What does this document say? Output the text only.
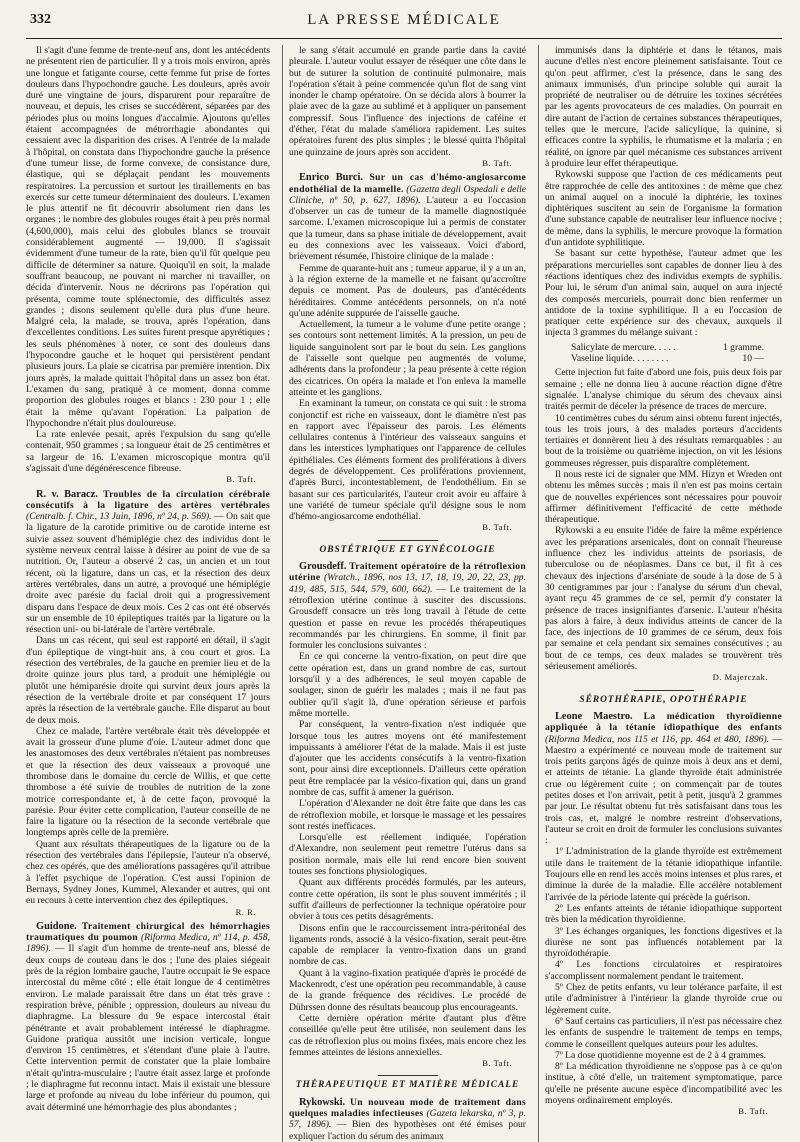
332	LA PRESSE MÉDICALE

Il s'agit d'une femme de trente-neuf ans, dont les antécédents ne présentent rien de particulier. Il y a trois mois environ, après une longue et fatigante course, cette femme fut prise de fortes douleurs dans l'hypochondre gauche. Les douleurs, après avoir duré une vingtaine de jours, disparurent pour reparaître de nouveau, et depuis, les crises se succédèrent, séparées par des périodes plus ou moins longues d'accalmie. Ajoutons qu'elles étaient accompagnées de métrorrhagie abondantes qui cessaient avec la disparition des crises. A l'entrée de la malade à l'hôpital, on constata dans l'hypochondre gauche la présence d'une tumeur lisse, de forme convexe, de consistance dure, élastique, qui se déplaçait pendant les mouvements respiratoires. La percussion et surtout les tiraillements en bas exercés sur cette tumeur déterminaient des douleurs. L'examen le plus attentif ne fit découvrir absolument rien dans les organes ; le nombre des globules rouges était à peu près normal (4,600,000), mais celui des globules blancs se trouvait considérablement augmenté — 19,000. Il s'agissait évidemment d'une tumeur de la rate, bien qu'il fût quelque peu difficile de déterminer sa nature. Quoiqu'il en soit, la malade souffrant beaucoup, ne pouvant ni marcher ni travailler, on décida d'intervenir. Nous ne décrirons pas l'opération qui présenta, comme toute splénectomie, des difficultés assez grandes ; disons seulement qu'elle dura plus d'une heure. Malgré cela, la malade, se trouva, après l'opération, dans d'excellentes conditions. Les suites furent presque apyrétiques ; les seuls phénomènes à noter, ce sont des douleurs dans l'hypocondre gauche et le hoquet qui persistèrent pendant plusieurs jours. La plaie se cicatrisa par première intention. Dix jours après, la malade quittait l'hôpital dans un assez bon état. L'examen du sang, pratiqué à ce moment, donna comme proportion des globules rouges et blancs : 230 pour 1 ; elle était la même qu'avant l'opération. La palpation de l'hypochondre n'était plus douloureuse.

La rate enlevée pesait, après l'expulsion du sang qu'elle contenait, 950 grammes ; sa longueur était de 25 centimètres et sa largeur de 16. L'examen microscopique montra qu'il s'agissait d'une dégénérescence fibreuse.

B. Taft.

R. v. Baracz. Troubles de la circulation cérébrale consécutifs à la ligature des artères vertébrales (Centralb. f. Chir., 13 Juin, 1896, nº 24, p. 569). — On sait que la ligature de la carotide primitive ou de carotide interne est suivie assez souvent d'hémiplégie chez des individus dont le système nerveux central laisse à désirer au point de vue de sa nutrition. Or, l'auteur a observé 2 cas, un ancien et un tout récent, où la ligature, dans un cas, et la résection des deux artères vertébrales, dans un autre, a provoqué une hémiplégie droite avec parésie du facial droit qui a progressivement disparu dans l'espace de deux mois. Ces 2 cas ont été observés sur un ensemble de 10 épileptiques traités par la ligature ou la résection uni- ou bi-latérale de l'artère vertébrale.

Dans un cas récent, qui seul est rapporté en détail, il s'agit d'un épileptique de vingt-huit ans, à cou court et gros. La résection des vertébrales, de la gauche en premier lieu et de la droite quinze jours plus tard, a produit une hémiplégie ou plutôt une hémiparésie droite qui survint deux jours après la résection de la vertébrale droite et par conséquent 17 jours après la résection de la vertébrale gauche. Elle disparut au bout de deux mois.

Chez ce malade, l'artère vertébrale était très développée et avait la grosseur d'une plume d'oie. L'auteur admet donc que les anastomoses des deux vertébrales n'étaient pas nombreuses et que la résection des deux vaisseaux a provoqué une thrombose dans le domaine du cercle de Willis, et que cette thrombose a été suivie de troubles de nutrition de la zone motrice correspondante et, à de cette façon, provoqué la parésie. Pour éviter cette complication, l'auteur conseille de ne faire la ligature ou la résection de la seconde vertébrale que longtemps après celle de la première.

Quant aux résultats thérapeutiques de la ligature ou de la résection des vertébrales dans l'épilepsie, l'auteur n'a observé, chez ces opérés, que des améliorations passagères qu'il attribue à l'effet psychique de l'opération. C'est aussi l'opinion de Bernays, Sydney Jones, Kummel, Alexander et autres, qui ont eu recours à cette intervention chez des épileptiques.

R. R.

Guidone. Traitement chirurgical des hémorrhagies traumatiques du poumon (Riforma Medica, nº 114, p. 458, 1896). — Il s'agit d'un homme de trente-neuf ans, blessé de deux coups de couteau dans le dos ; l'une des plaies siégeait près de la région lombaire gauche, l'autre occupait le 9e espace intercostal du même côté ; elle était longue de 4 centimètres environ. Le malade paraissait être dans un état très grave : respiration brève, pénible ; oppression, douleurs au niveau du diaphragme. La blessure du 9e espace intercostal était pénétrante et avait probablement intéressé le diaphragme. Guidone pratiqua aussitôt une incision verticale, longue d'environ 15 centimètres, et s'étendant d'une plaie à l'autre. Cette intervention permit de constater que la plaie lombaire n'était qu'intra-musculaire ; l'autre était assez large et profonde ; le diaphragme fut reconnu intact. Mais il existait une blessure large et profonde au niveau du lobe inférieur du poumon, qui avait déterminé une hémorrhagie des plus abondantes ;

le sang s'était accumulé en grande partie dans la cavité pleurale. L'auteur voulut essayer de réséquer une côte dans le but de suturer la solution de continuité pulmonaire, mais l'opération s'était à peine commencée qu'un flot de sang vint inonder le champ opératoire. On se décida alors à bourrer la plaie avec de la gaze au sublimé et à appliquer un pansement compressif. Sous l'influence des injections de caféine et d'éther, l'état du malade s'améliora rapidement. Les suites opératoires furent des plus simples ; le blessé quitta l'hôpital une quinzaine de jours après son accident.

B. Taft.

Enrico Burci. Sur un cas d'hémo-angiosarcome endothélial de la mamelle. (Gazetta degli Ospedali e delle Cliniche, nº 50, p. 627, 1896). L'auteur a eu l'occasion d'observer un cas de tumeur de la mamelle diagnostiquée sarcome. L'examen microscopique lui a permis de constater que la tumeur, dans sa phase initiale de développement, avait eu des connexions avec les vaisseaux. Voici d'abord, brièvement résumée, l'histoire clinique de la malade :

Femme de quarante-huit ans ; tumeur apparue, il y a un an, à la région externe de la mamelle et ne faisant qu'accroître depuis ce moment. Pas de douleurs, pas d'antécédents héréditaires. Comme antécédents personnels, on n'a noté qu'une adénite suppurée de l'aisselle gauche.

Actuellement, la tumeur a le volume d'une petite orange ; ses contours sont nettement limités. A la pression, un peu de liquide sanguinolent sort par le bout du sein. Les ganglions de l'aisselle sont quelque peu augmentés de volume, adhérents dans la profondeur ; la peau présente à cette région des cicatrices. On opéra la malade et l'on enleva la mamelle atteinte et les ganglions.

En examinant la tumeur, on constata ce qui suit : le stroma conjonctif est riche en vaisseaux, dont le diamètre n'est pas en rapport avec l'épaisseur des parois. Les éléments cellulaires contenus à l'intérieur des vaisseaux sanguins et dans les interstices lymphatiques ont l'apparence de cellules épithéliales. Ces éléments forment des proliférations à divers degrés de développement. Ces proliférations proviennent, d'après Burci, incontestablement, de l'endothélium. En se basant sur ces particularités, l'auteur croit avoir eu affaire à une variété de tumeur spéciale qu'il désigne sous le nom d'hémo-angiosarcome endothélial.

B. Taft.
OBSTÉTRIQUE ET GYNÉCOLOGIE

Grousdeff. Traitement opératoire de la rétroflexion utérine (Wratch., 1896, nos 13, 17, 18, 19, 20, 22, 23, pp. 419, 485, 515, 544, 579, 600, 662). — Le traitement de la rétroflexion utérine continue à susciter des discussions. Grousdeff consacre un très long travail à l'étude de cette question et passe en revue les procédés thérapeutiques recommandés par les chirurgiens. En somme, il finit par formuler les conclusions suivantes :

En ce qui concerne la ventro-fixation, on peut dire que cette opération est, dans un grand nombre de cas, surtout lorsqu'il y a des adhérences, le seul moyen capable de soulager, sinon de guérir les malades ; mais il ne faut pas oublier qu'il s'agit là, d'une opération sérieuse et parfois même mortelle.

Par conséquent, la ventro-fixation n'est indiquée que lorsque tous les autres moyens ont été manifestement impuissants à améliorer l'état de la malade. Mais il est juste d'ajouter que les accidents consécutifs à la ventro-fixation sont, pour ainsi dire exceptionnels. D'ailleurs cette opération peut être remplacée par la vésico-fixation qui, dans un grand nombre de cas, suffit à amener la guérison.

L'opération d'Alexander ne doit être faite que dans les cas de rétroflexion mobile, et lorsque le massage et les pessaires sont restés inefficaces.

Lorsqu'elle est réellement indiquée, l'opération d'Alexandre, non seulement peut remettre l'utérus dans sa position normale, mais elle lui rend encore bien souvent toutes ses fonctions physiologiques.

Quant aux différents procédés formulés, par les auteurs, contre cette opération, ils sont le plus souvent immérités ; il suffit d'ailleurs de perfectionner la technique opératoire pour obvier à tous ces petits désagréments.

Disons enfin que le raccourcissement intra-péritonéal des ligaments ronds, associé à la vésico-fixation, serait peut-être capable de remplacer la ventro-fixation dans un grand nombre de cas.

Quant à la vagino-fixation pratiquée d'après le procédé de Mackenrodt, c'est une opération peu recommandable, à cause de la grande fréquence des récidives. Le procédé de Dührssen donne des résultats beaucoup plus encourageants.

Cette dernière opération mérite d'autant plus d'être conseillée qu'elle peut être utilisée, non seulement dans les cas de rétroflexion plus ou moins fixées, mais encore chez les femmes atteintes de lésions annexielles.

B. Taft.
THÉRAPEUTIQUE ET MATIÈRE MÉDICALE

Rykowski. Un nouveau mode de traitement dans quelques maladies infectieuses (Gazeta lekarska, nº 3, p. 57, 1896). — Bien des hypothèses ont été émises pour expliquer l'action du sérum des animaux

immunisés dans la diphtérie et dans le tétanos, mais aucune d'elles n'est encore pleinement satisfaisante. Tout ce qu'on peut affirmer, c'est la présence, dans le sang des animaux immunisés, d'un principe soluble qui aurait la propriété de neutraliser ou de détruire les toxines sécrétées par les agents provocateurs de ces maladies. On pourrait en dire autant de l'action de certaines substances thérapeutiques, telles que le mercure, l'acide salicylique, la quinine, si efficaces contre la syphilis, le rhumatisme et la malaria ; en réalité, on ignore par quel mécanisme ces substances arrivent à produire leur effet thérapeutique.

Rykowski suppose que l'action de ces médicaments peut être rapprochée de celle des antitoxines : de même que chez un animal auquel on a inoculé la diphtérie, les toxines diphtériques suscitent au sein de l'organisme la formation d'une substance capable de neutraliser leur influence nocive ; de même, dans la syphilis, le mercure provoque la formation d'un antidote syphilitique.

Se basant sur cette hypothèse, l'auteur admet que les préparations mercurielles sont capables de donner lieu à des réactions identiques chez des individus exempts de syphilis. Pour lui, le sérum d'un animal sain, auquel on aura injecté des composés mercuriels, pourrait donc bien renfermer un antidote de la toxine syphilitique. Il a eu l'occasion de pratiquer cette expérience sur des chevaux, auxquels il injecta 3 grammes du mélange suivant :

Salicylate de mercure. . . . .	1 gramme.
Vaseline liquide. . . . . . . .	10 —

Cette injection fut faite d'abord une fois, puis deux fois par semaine ; elle ne donna lieu à aucune réaction digne d'être signalée. L'analyse chimique du sérum des chevaux ainsi traités permit de déceler la présence de traces de mercure.

10 centimètres cubes du sérum ainsi obtenu furent injectés, tous les trois jours, à des malades porteurs d'accidents tertiaires et donnèrent lieu à des résultats remarquables : au bout de la troisième ou quatrième injection, on vit les lésions gommeuses régresser, puis disparaître complètement.

Il nous reste ici de signaler que MM. Hizyn et Wreden ont obtenu les mêmes succès ; mais il n'en est pas moins certain que de nouvelles expériences sont nécessaires pour pouvoir affirmer définitivement l'efficacité de cette méthode thérapeutique.

Rykowski a eu ensuite l'idée de faire la même expérience avec les préparations arsenicales, dont on connaît l'heureuse influence chez les individus atteints de psoriasis, de tuberculose ou de néoplasmes. Dans ce but, il fit à ces chevaux des injections d'arséniate de soude à la dose de 5 à 30 centigrammes par jour : l'analyse du sérum d'un cheval, ayant reçu 45 grammes de ce sel, permit d'y constater la présence de traces insignifiantes d'arsenic. L'auteur n'hésita pas alors à faire, à deux individus atteints de cancer de la face, des injections de 10 grammes de ce sérum, deux fois par semaine et cela pendant six semaines consécutives ; au bout de ce temps, ces deux malades se trouvèrent très sérieusement améliorés.

D. Majerczak.
SÉROTHÉRAPIE, OPOTHÉRAPIE

Leone Maestro. La médication thyroïdienne appliquée à la tétanie idiopathique des enfants (Riforma Medica, nos 115 et 116, pp. 464 et 480, 1896). — Maestro a expérimenté ce nouveau mode de traitement sur trois petits garçons âgés de quinze mois à deux ans et demi, et atteints de tétanie. La glande thyroïde était administrée crue ou légèrement cuite ; on commençait par de toutes petites doses et l'on arrivait, petit à petit, jusqu'à 2 grammes par jour. Le résultat obtenu fut très satisfaisant dans tous les trois cas, et, malgré le nombre restreint d'observations, l'auteur se croit en droit de formuler les conclusions suivantes :

1º L'administration de la glande thyroïde est extrêmement utile dans le traitement de la tétanie idiopathique infantile. Toujours elle en rend les accès moins intenses et plus rares, et diminue la durée de la maladie. Elle accélère notablement l'arrivée de la période latente qui précède la guérison.

2º Les enfants atteints de tétanie idiopathique supportent très bien la médication thyroïdienne.

3º Les échanges organiques, les fonctions digestives et la diurèse ne sont pas influencés notablement par la thyroïdothérapie.

4º Les fonctions circulatoires et respiratoires s'accomplissent normalement pendant le traitement.

5º Chez de petits enfants, vu leur tolérance parfaite, il est utile d'administrer à l'intérieur la glande thyroïde crue ou légèrement cuite.

6º Sauf certains cas particuliers, il n'est pas nécessaire chez les enfants de suspendre le traitement de temps en temps, comme le conseillent quelques auteurs pour les adultes.

7º La dose quotidienne moyenne est de 2 à 4 grammes.

8º La médication thyroïdienne ne s'oppose pas à ce qu'on institue, à côté d'elle, un traitement symptomatique, parce qu'elle ne présente aucune espèce d'incompatibilité avec les moyens ordinairement employés.

B. Taft.
